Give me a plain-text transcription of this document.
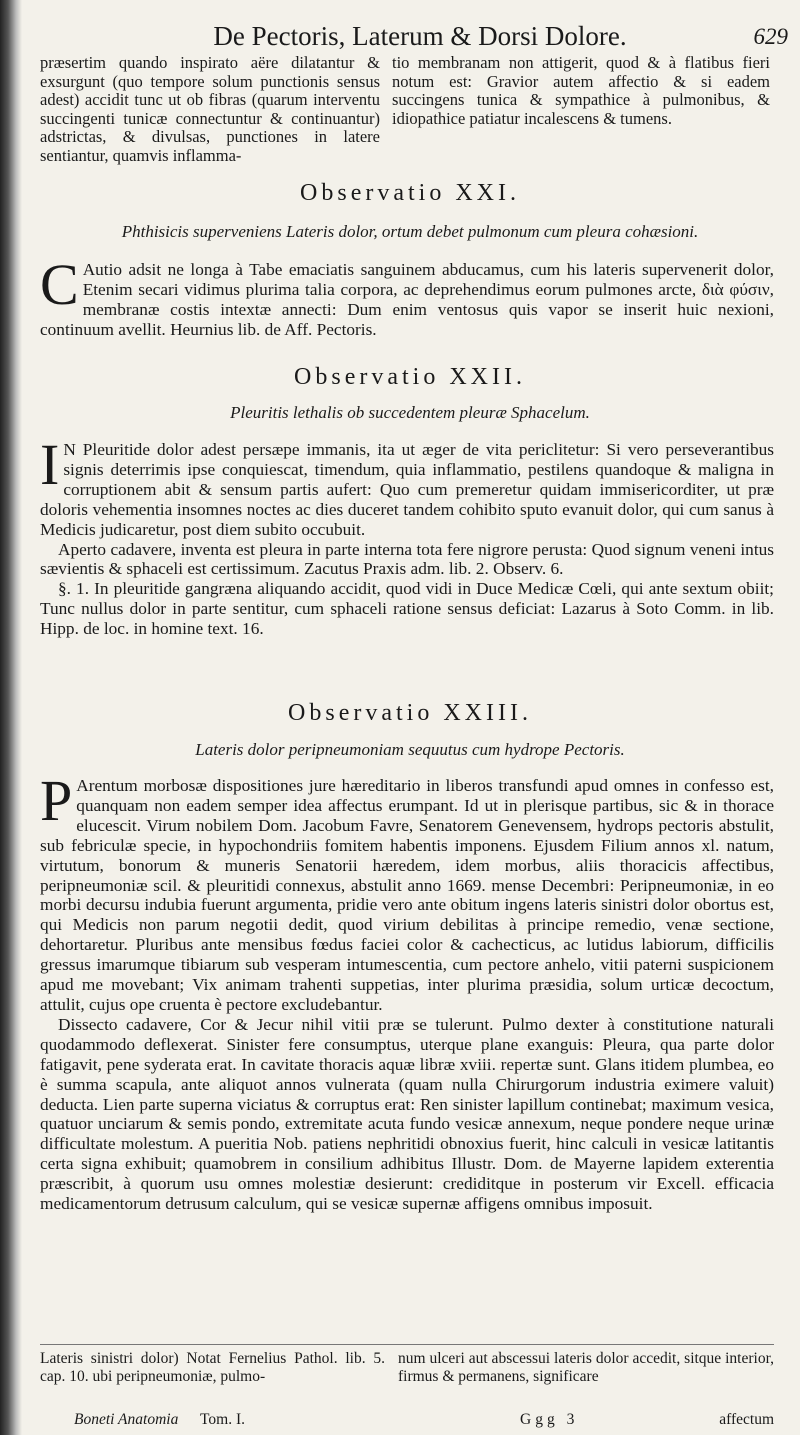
De Pectoris, Laterum & Dorsi Dolore.	629

præsertim quando inspirato aëre dilatantur & exsurgunt (quo tempore solum punctionis sensus adest) accidit tunc ut ob fibras (quarum interventu succingenti tunicæ connectuntur & continuantur) adstrictas, & divulsas, punctiones in latere sentiantur, quamvis inflamma-

tio membranam non attigerit, quod & à flatibus fieri notum est: Gravior autem affectio & si eadem succingens tunica & sympathice à pulmonibus, & idiopathice patiatur incalescens & tumens.

Observatio XXI.
Phthisicis superveniens Lateris dolor, ortum debet pulmonum cum pleura cohæsioni.

C Autio adsit ne longa à Tabe emaciatis sanguinem abducamus, cum his lateris supervenerit dolor, Etenim secari vidimus plurima talia corpora, ac deprehendimus eorum pulmones arcte, διὰ φύσιν, membranæ costis intextæ annecti: Dum enim ventosus quis vapor se inserit huic nexioni, continuum avellit. Heurnius lib. de Aff. Pectoris.

Observatio XXII.
Pleuritis lethalis ob succedentem pleuræ Sphacelum.

I N Pleuritide dolor adest persæpe immanis, ita ut æger de vita periclitetur: Si vero perseverantibus signis deterrimis ipse conquiescat, timendum, quia inflammatio, pestilens quandoque & maligna in corruptionem abit & sensum partis aufert: Quo cum premeretur quidam immisericorditer, ut præ doloris vehementia insomnes noctes ac dies duceret tandem cohibito sputo evanuit dolor, qui cum sanus à Medicis judicaretur, post diem subito occubuit.

Aperto cadavere, inventa est pleura in parte interna tota fere nigrore perusta: Quod signum veneni intus sævientis & sphaceli est certissimum. Zacutus Praxis adm. lib. 2. Observ. 6.

§. 1. In pleuritide gangræna aliquando accidit, quod vidi in Duce Medicæ Cœli, qui ante sextum obiit; Tunc nullus dolor in parte sentitur, cum sphaceli ratione sensus deficiat: Lazarus à Soto Comm. in lib. Hipp. de loc. in homine text. 16.

Observatio XXIII.
Lateris dolor peripneumoniam sequutus cum hydrope Pectoris.

P Arentum morbosæ dispositiones jure hæreditario in liberos transfundi apud omnes in confesso est, quanquam non eadem semper idea affectus erumpant. Id ut in plerisque partibus, sic & in thorace elucescit. Virum nobilem Dom. Jacobum Favre, Senatorem Genevensem, hydrops pectoris abstulit, sub febriculæ specie, in hypochondriis fomitem habentis imponens. Ejusdem Filium annos xl. natum, virtutum, bonorum & muneris Senatorii hæredem, idem morbus, aliis thoracicis affectibus, peripneumoniæ scil. & pleuritidi connexus, abstulit anno 1669. mense Decembri: Peripneumoniæ, in eo morbi decursu indubia fuerunt argumenta, pridie vero ante obitum ingens lateris sinistri dolor obortus est, qui Medicis non parum negotii dedit, quod virium debilitas à principe remedio, venæ sectione, dehortaretur. Pluribus ante mensibus fœdus faciei color & cachecticus, ac lutidus labiorum, difficilis gressus imarumque tibiarum sub vesperam intumescentia, cum pectore anhelo, vitii paterni suspicionem apud me movebant; Vix animam trahenti suppetias, inter plurima præsidia, solum urticæ decoctum, attulit, cujus ope cruenta è pectore excludebantur.

Dissecto cadavere, Cor & Jecur nihil vitii præ se tulerunt. Pulmo dexter à constitutione naturali quodammodo deflexerat. Sinister fere consumptus, uterque plane exanguis: Pleura, qua parte dolor fatigavit, pene syderata erat. In cavitate thoracis aquæ libræ xviii. repertæ sunt. Glans itidem plumbea, eo è summa scapula, ante aliquot annos vulnerata (quam nulla Chirurgorum industria eximere valuit) deducta. Lien parte superna viciatus & corruptus erat: Ren sinister lapillum continebat; maximum vesica, quatuor unciarum & semis pondo, extremitate acuta fundo vesicæ annexum, neque pondere neque urinæ difficultate molestum. A pueritia Nob. patiens nephritidi obnoxius fuerit, hinc calculi in vesicæ latitantis certa signa exhibuit; quamobrem in consilium adhibitus Illustr. Dom. de Mayerne lapidem exterentia præscribit, à quorum usu omnes molestiæ desierunt: crediditque in posterum vir Excell. efficacia medicamentorum detrusum calculum, qui se vesicæ supernæ affigens omnibus imposuit.

Lateris sinistri dolor) Notat Fernelius Pathol. lib. 5. cap. 10. ubi peripneumoniæ, pulmo-

num ulceri aut abscessui lateris dolor accedit, sitque interior, firmus & permanens, significare

Boneti Anatomia Tom. I.	Ggg 3	affectum
